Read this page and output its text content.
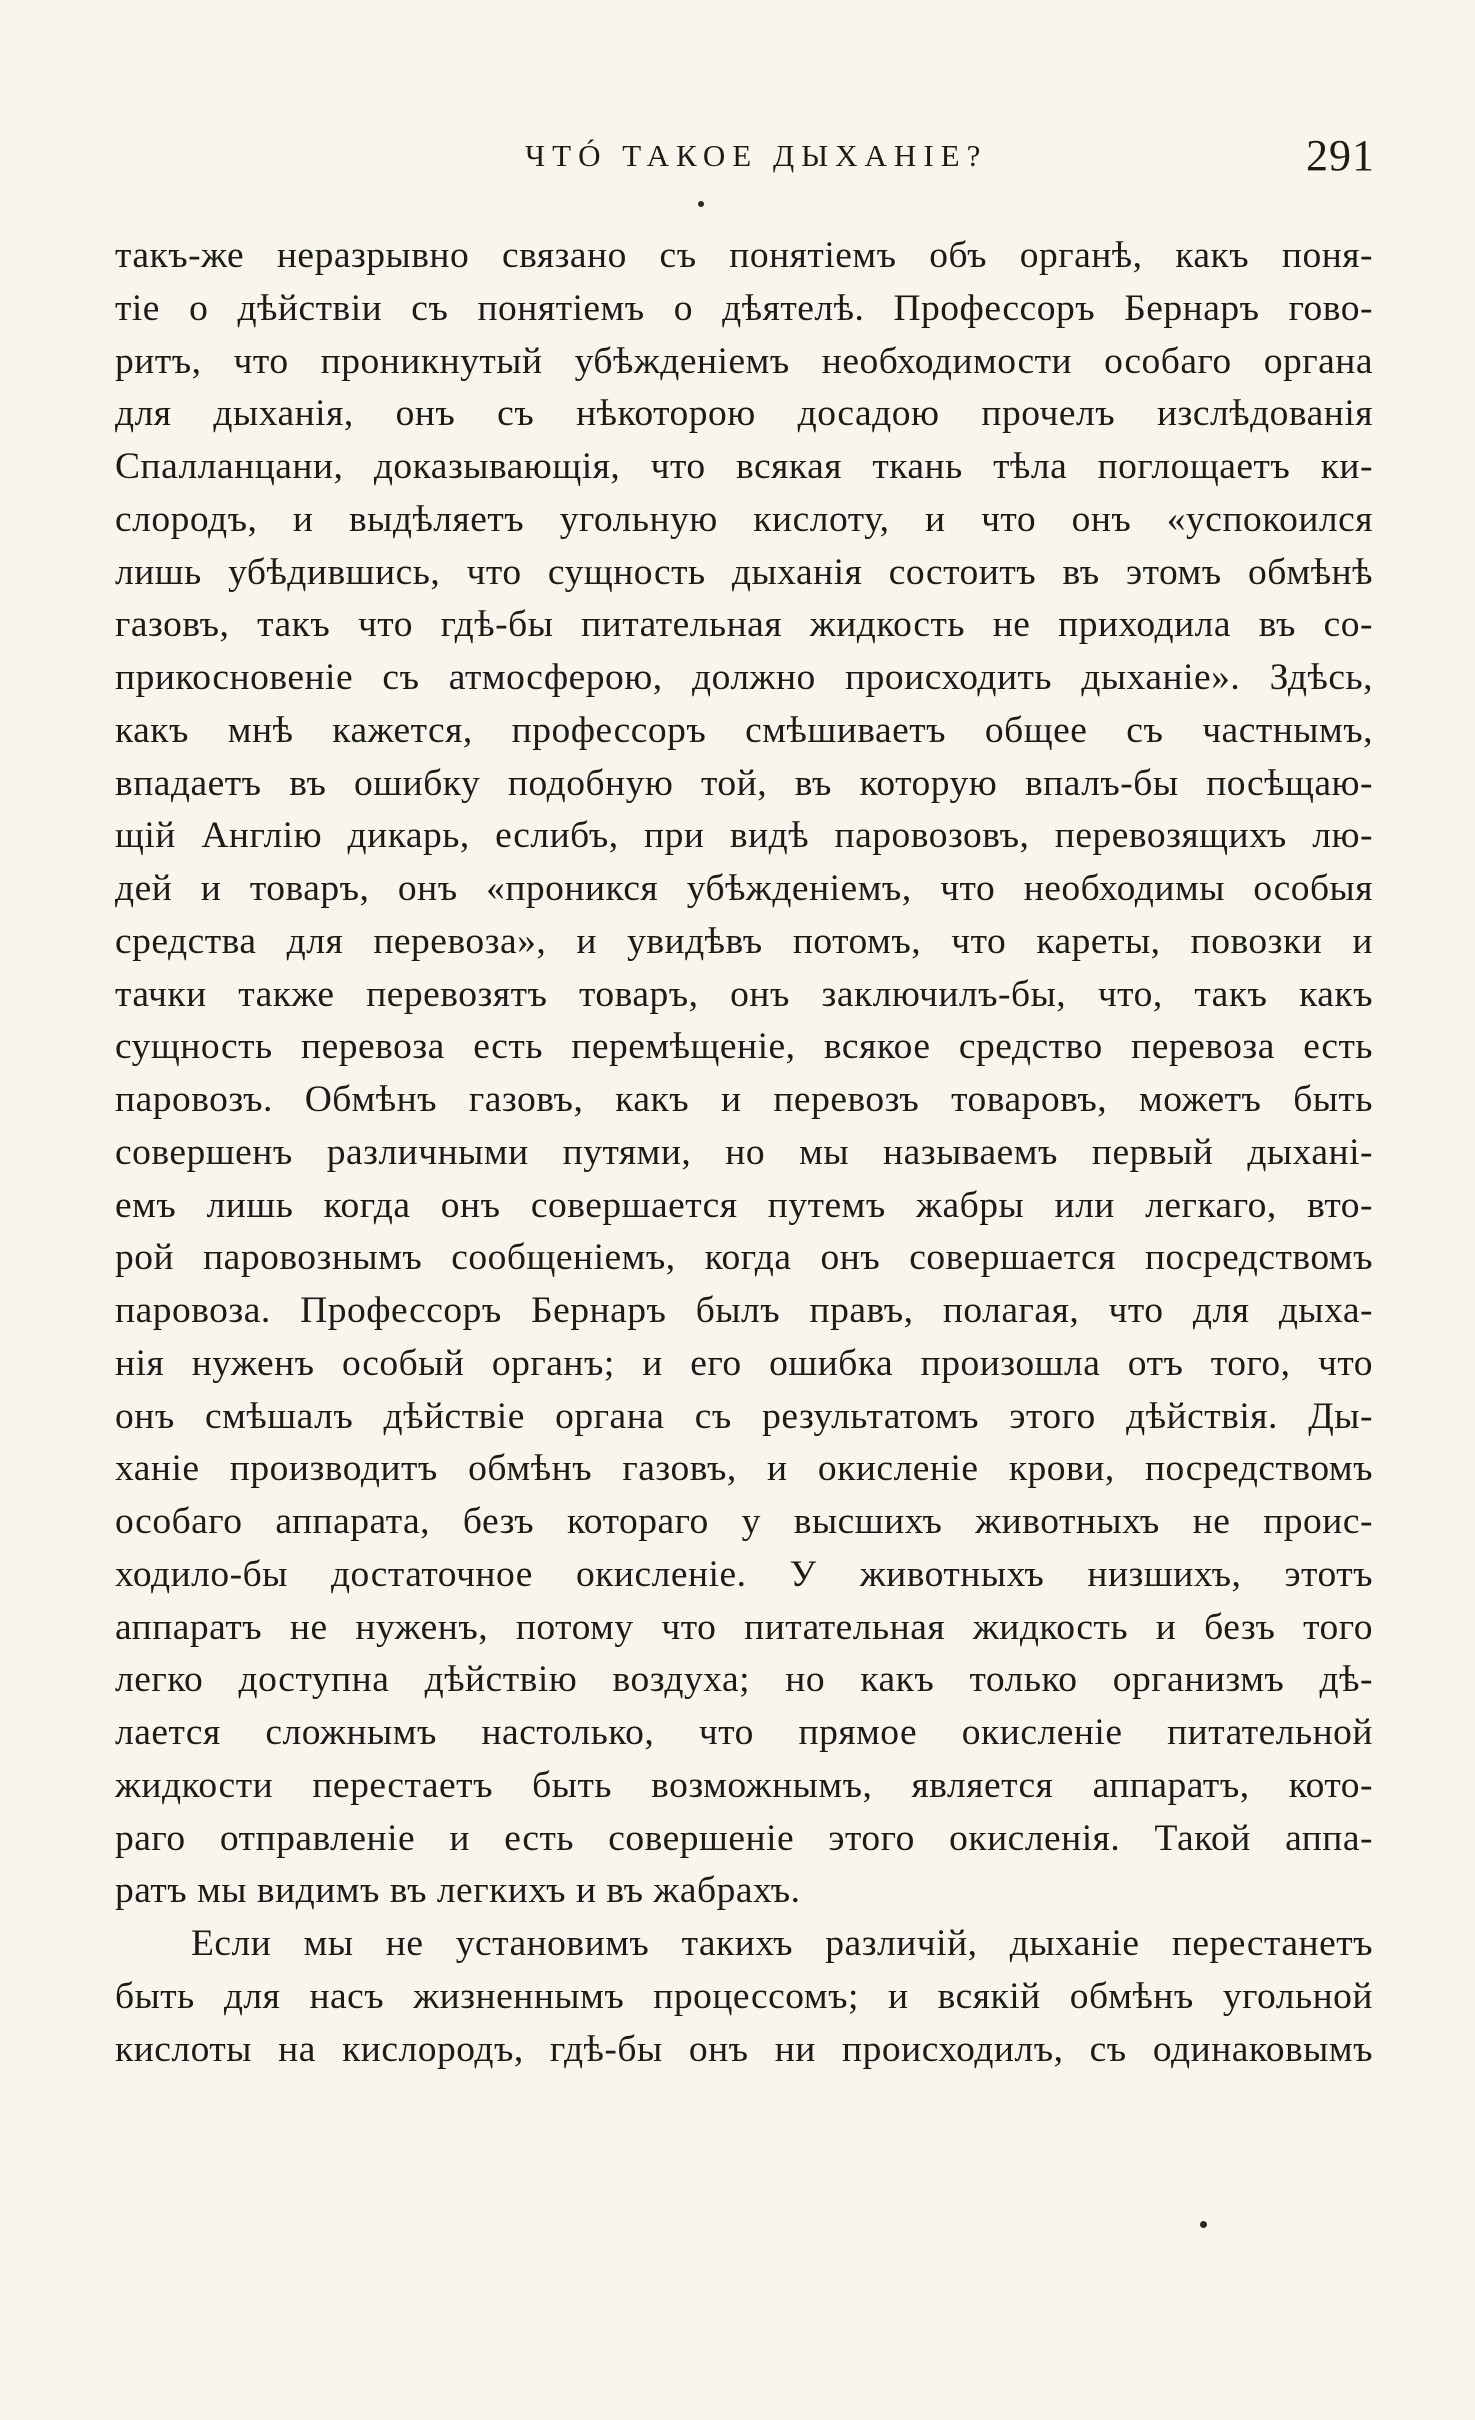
ЧТÓ ТАКОЕ ДЫХАНІЕ?	291
такъ-же неразрывно связано съ понятіемъ объ органѣ, какъ поня-
тіе о дѣйствіи съ понятіемъ о дѣятелѣ. Профессоръ Бернаръ гово-
ритъ, что проникнутый убѣжденіемъ необходимости особаго органа
для дыханія, онъ съ нѣкоторою досадою прочелъ изслѣдованія
Спалланцани, доказывающія, что всякая ткань тѣла поглощаетъ ки-
слородъ, и выдѣляетъ угольную кислоту, и что онъ «успокоился
лишь убѣдившись, что сущность дыханія состоитъ въ этомъ обмѣнѣ
газовъ, такъ что гдѣ-бы питательная жидкость не приходила въ со-
прикосновеніе съ атмосферою, должно происходить дыханіе». Здѣсь,
какъ мнѣ кажется, профессоръ смѣшиваетъ общее съ частнымъ,
впадаетъ въ ошибку подобную той, въ которую впалъ-бы посѣщаю-
щій Англію дикарь, еслибъ, при видѣ паровозовъ, перевозящихъ лю-
дей и товаръ, онъ «проникся убѣжденіемъ, что необходимы особыя
средства для перевоза», и увидѣвъ потомъ, что кареты, повозки и
тачки также перевозятъ товаръ, онъ заключилъ-бы, что, такъ какъ
сущность перевоза есть перемѣщеніе, всякое средство перевоза есть
паровозъ. Обмѣнъ газовъ, какъ и перевозъ товаровъ, можетъ быть
совершенъ различными путями, но мы называемъ первый дыханi-
емъ лишь когда онъ совершается путемъ жабры или легкаго, вто-
рой паровознымъ сообщеніемъ, когда онъ совершается посредствомъ
паровоза. Профессоръ Бернаръ былъ правъ, полагая, что для дыха-
нія нуженъ особый органъ; и его ошибка произошла отъ того, что
онъ смѣшалъ дѣйствіе органа съ результатомъ этого дѣйствія. Ды-
ханіе производитъ обмѣнъ газовъ, и окисленіе крови, посредствомъ
особаго аппарата, безъ котораго у высшихъ животныхъ не проис-
ходило-бы достаточное окисленіе. У животныхъ низшихъ, этотъ
аппаратъ не нуженъ, потому что питательная жидкость и безъ того
легко доступна дѣйствію воздуха; но какъ только организмъ дѣ-
лается сложнымъ настолько, что прямое окисленіе питательной
жидкости перестаетъ быть возможнымъ, является аппаратъ, кото-
раго отправленіе и есть совершеніе этого окисленія. Такой аппа-
ратъ мы видимъ въ легкихъ и въ жабрахъ.
Если мы не установимъ такихъ различій, дыханіе перестанетъ
быть для насъ жизненнымъ процессомъ; и всякій обмѣнъ угольной
кислоты на кислородъ, гдѣ-бы онъ ни происходилъ, съ одинаковымъ
